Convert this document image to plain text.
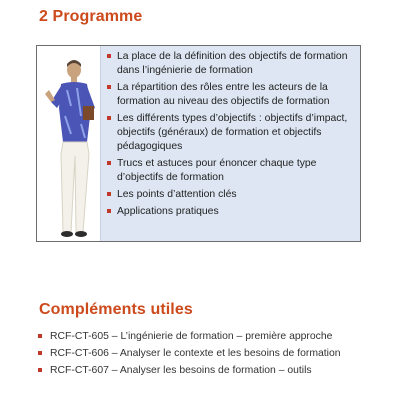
2 Programme
La place de la définition des objectifs de formation dans l’ingénierie de formation
La répartition des rôles entre les acteurs de la formation au niveau des objectifs de formation
Les différents types d’objectifs : objectifs d’impact, objectifs (généraux) de formation et objectifs pédagogiques
Trucs et astuces pour énoncer chaque type d’objectifs de formation
Les points d’attention clés
Applications pratiques
Compléments utiles
RCF-CT-605 – L’ingénierie de formation – première approche
RCF-CT-606 – Analyser le contexte et les besoins de formation
RCF-CT-607 – Analyser les besoins de formation – outils
